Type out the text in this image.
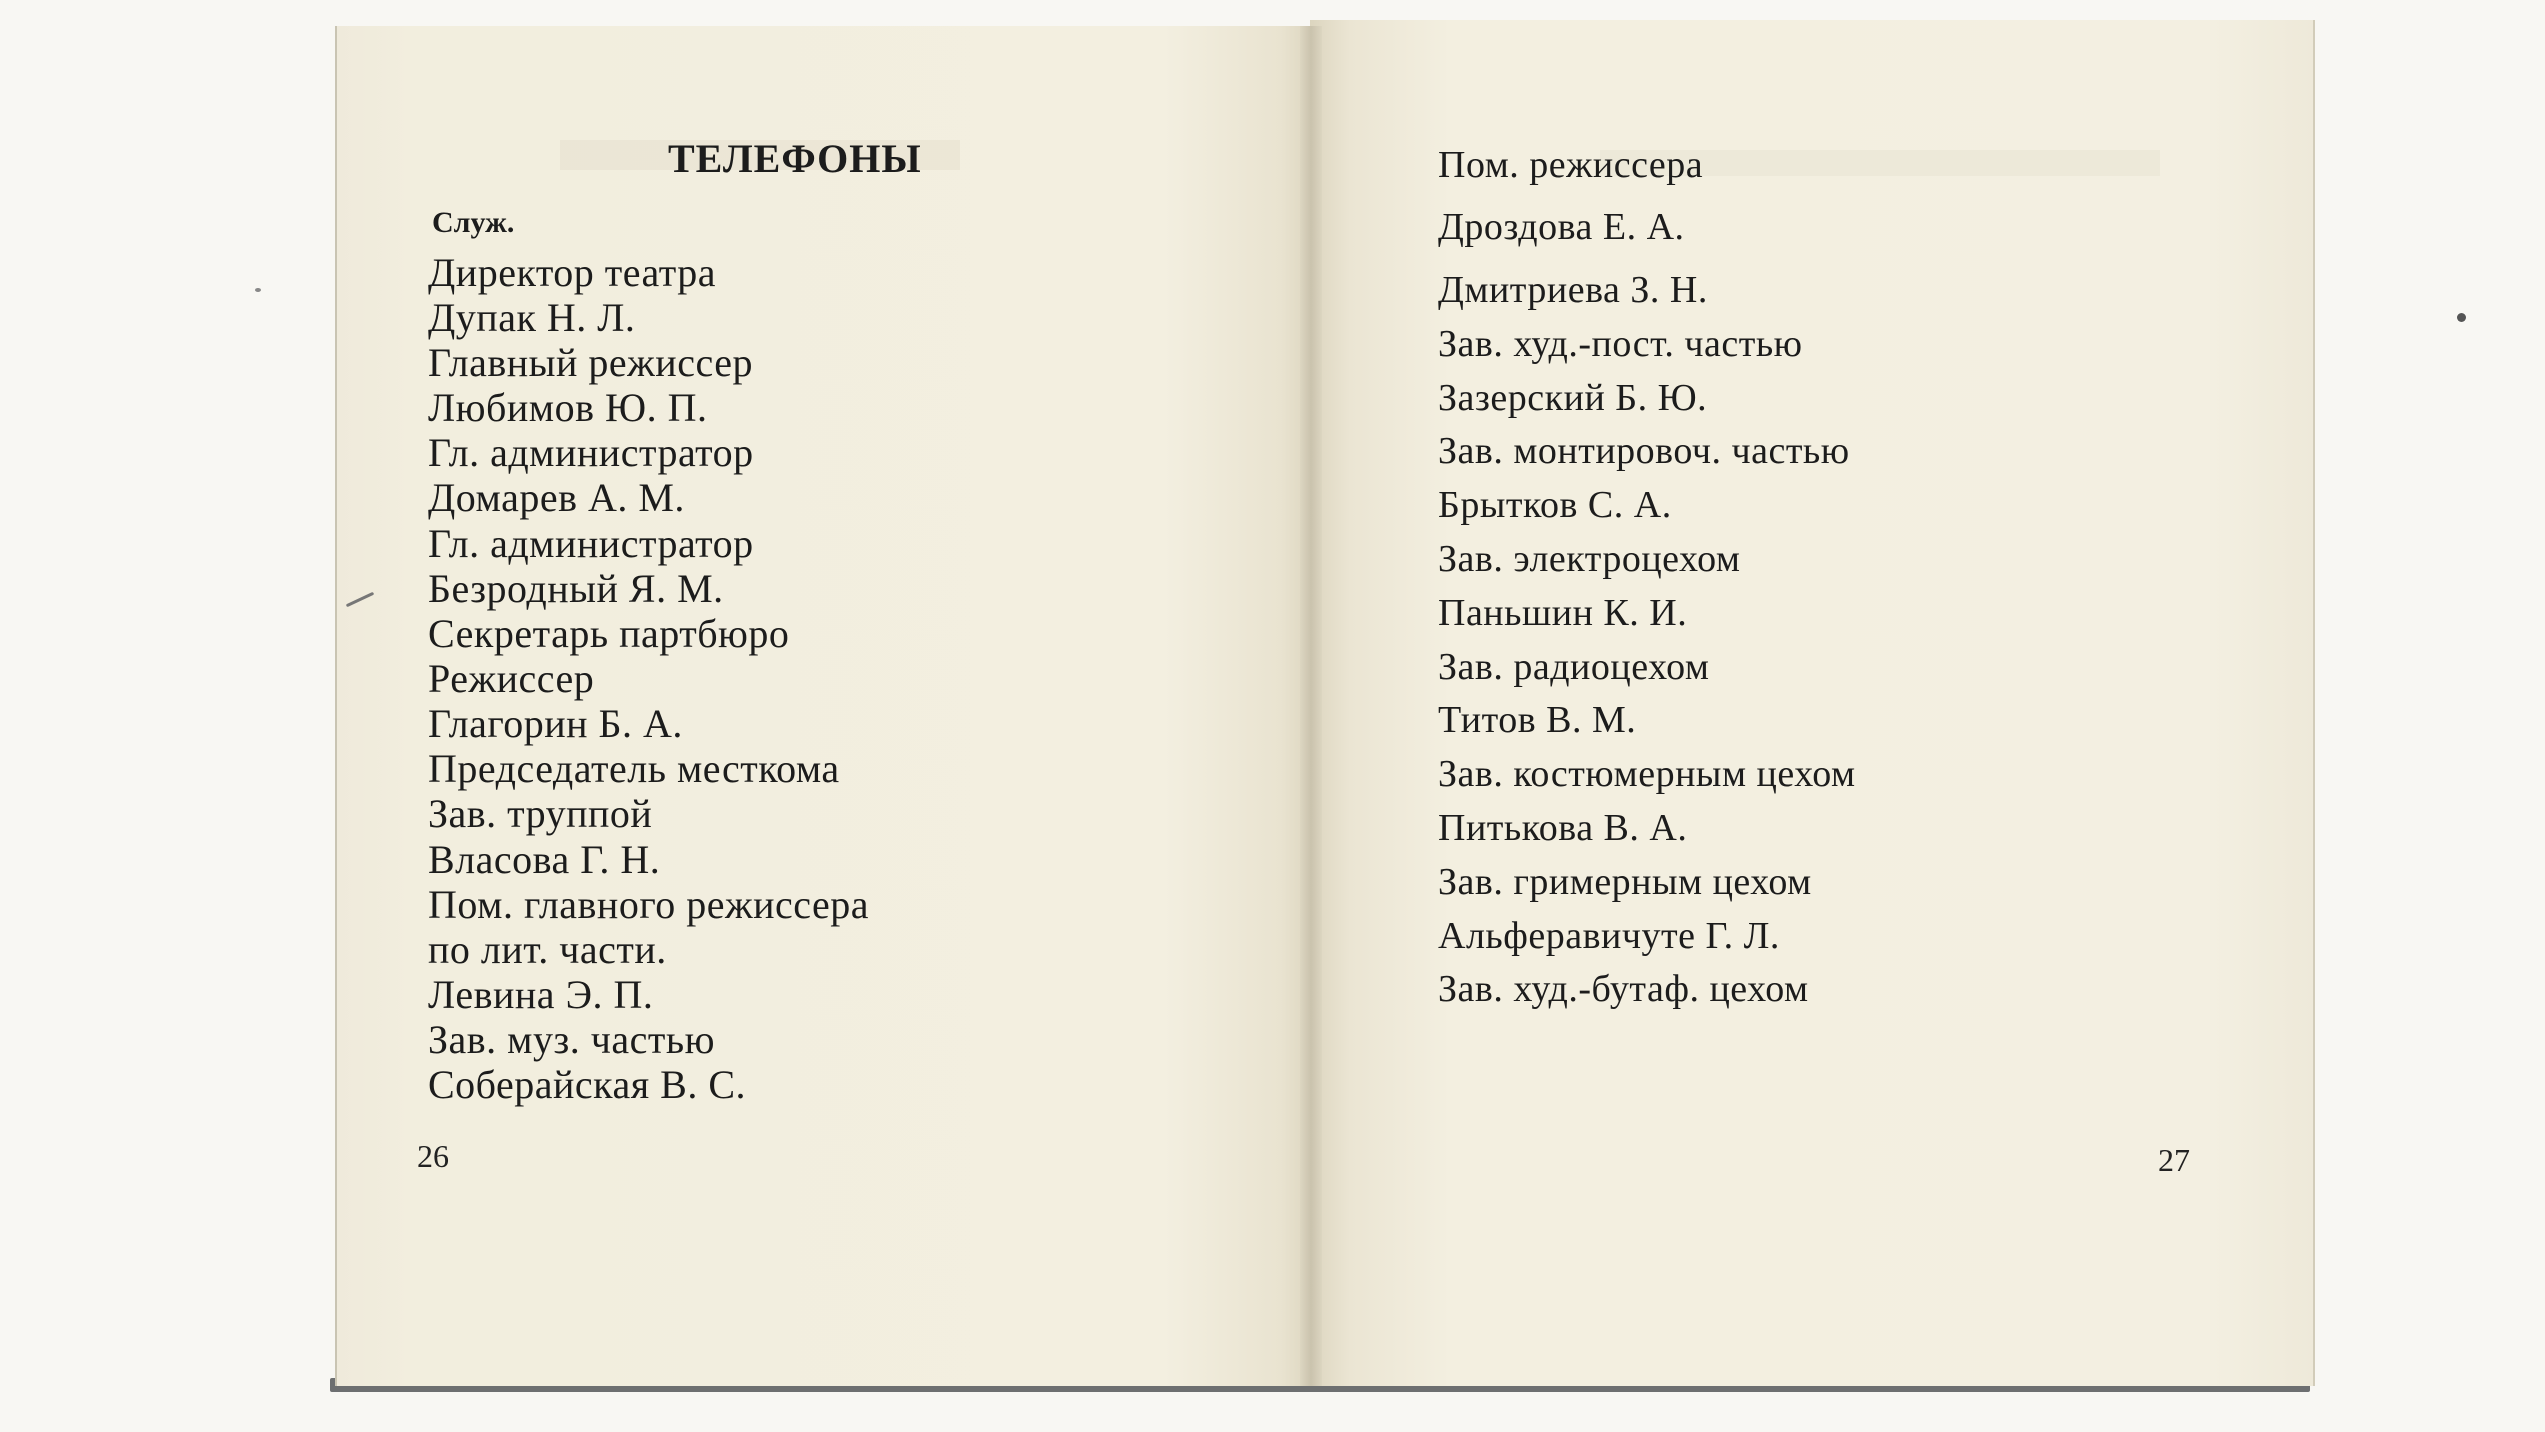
ТЕЛЕФОНЫ
Служ.
Директор театра
Дупак Н. Л.
Главный режиссер
Любимов Ю. П.
Гл. администратор
Домарев А. М.
Гл. администратор
Безродный Я. М.
Секретарь партбюро
Режиссер
Глагорин Б. А.
Председатель месткома
Зав. труппой
Власова Г. Н.
Пом. главного режиссера
по лит. части.
Левина Э. П.
Зав. муз. частью
Соберайская В. С.
26
Пом. режиссера
Дроздова Е. А.
Дмитриева З. Н.
Зав. худ.-пост. частью
Зазерский Б. Ю.
Зав. монтировоч. частью
Брытков С. А.
Зав. электроцехом
Паньшин К. И.
Зав. радиоцехом
Титов В. М.
Зав. костюмерным цехом
Питькова В. А.
Зав. гримерным цехом
Альферавичуте Г. Л.
Зав. худ.-бутаф. цехом
27
